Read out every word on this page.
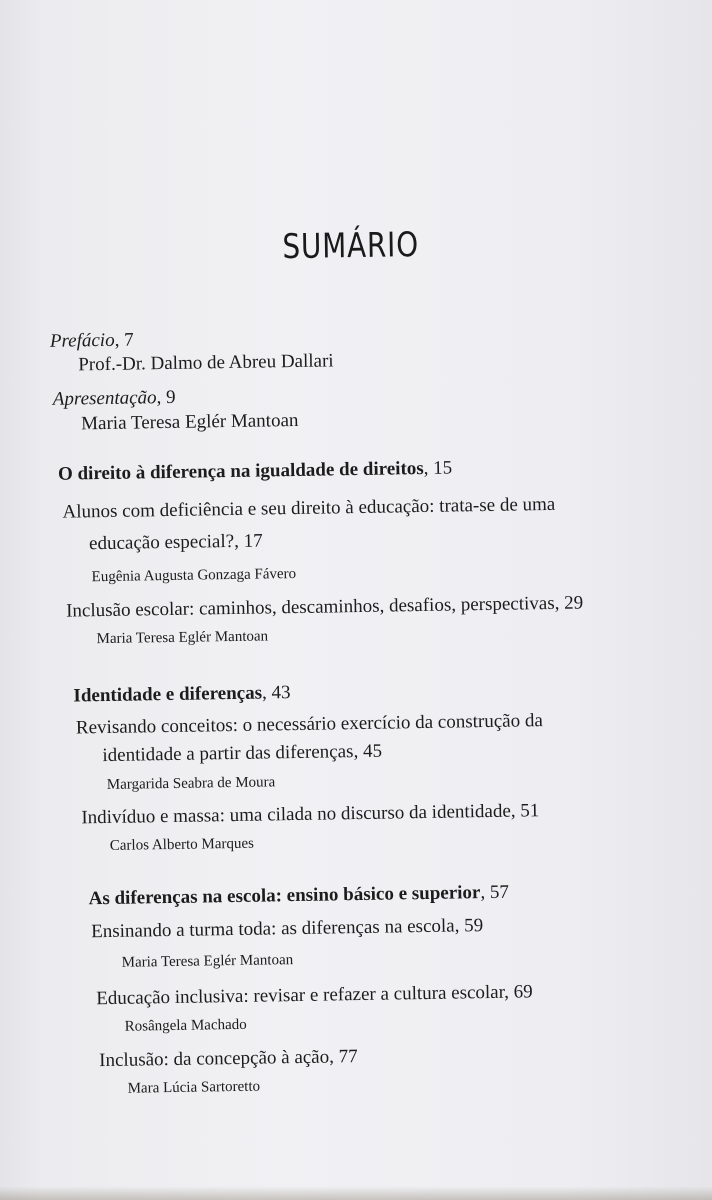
SUMÁRIO
Prefácio, 7
Prof.-Dr. Dalmo de Abreu Dallari
Apresentação, 9
Maria Teresa Eglér Mantoan
O direito à diferença na igualdade de direitos, 15
Alunos com deficiência e seu direito à educação: trata-se de uma
educação especial?, 17
Eugênia Augusta Gonzaga Fávero
Inclusão escolar: caminhos, descaminhos, desafios, perspectivas, 29
Maria Teresa Eglér Mantoan
Identidade e diferenças, 43
Revisando conceitos: o necessário exercício da construção da
identidade a partir das diferenças, 45
Margarida Seabra de Moura
Indivíduo e massa: uma cilada no discurso da identidade, 51
Carlos Alberto Marques
As diferenças na escola: ensino básico e superior, 57
Ensinando a turma toda: as diferenças na escola, 59
Maria Teresa Eglér Mantoan
Educação inclusiva: revisar e refazer a cultura escolar, 69
Rosângela Machado
Inclusão: da concepção à ação, 77
Mara Lúcia Sartoretto
